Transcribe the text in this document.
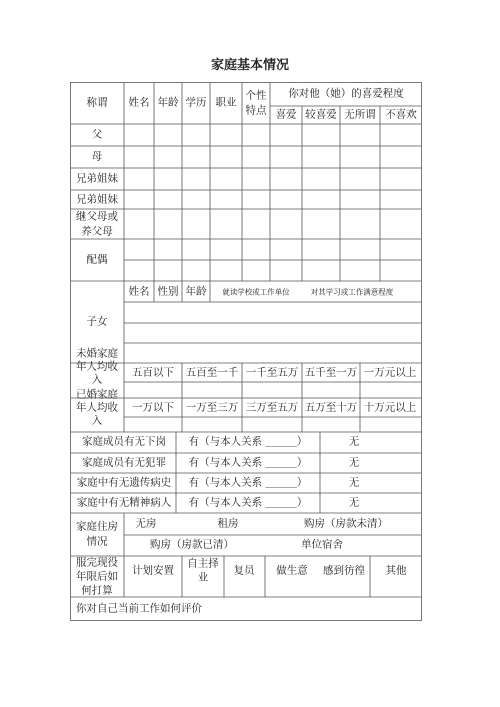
家庭基本情况
称谓 姓名 年龄 学历 职业
个性
特点
你对他（她）的喜爱程度
喜爱 较喜爱 无所谓 不喜欢
父
母
兄弟姐妹
兄弟姐妹
继父母或
养父母
配偶
子女
姓名 性别 年龄 就读学校或工作单位	对其学习或工作满意程度
未婚家庭
年人均收
入
五百以下 五百至一千 一千至五万 五千至一万 一万元以上
已婚家庭
年人均收
入
一万以下 一万至三万 三万至五万 五万至十万 十万元以上
家庭成员有无下岗 有（与本人关系 ______）	无
家庭成员有无犯罪 有（与本人关系 ______）	无
家庭中有无遗传病史 有（与本人关系 ______）	无
家庭中有无精神病人 有（与本人关系 ______）	无
家庭住房
情况
无房	租房	购房（房款未清）
购房（房款已清）	单位宿舍
服完现役
年限后如
何打算
计划安置
自主择
业
复员 做生意 感到彷徨 其他
你对自己当前工作如何评价
